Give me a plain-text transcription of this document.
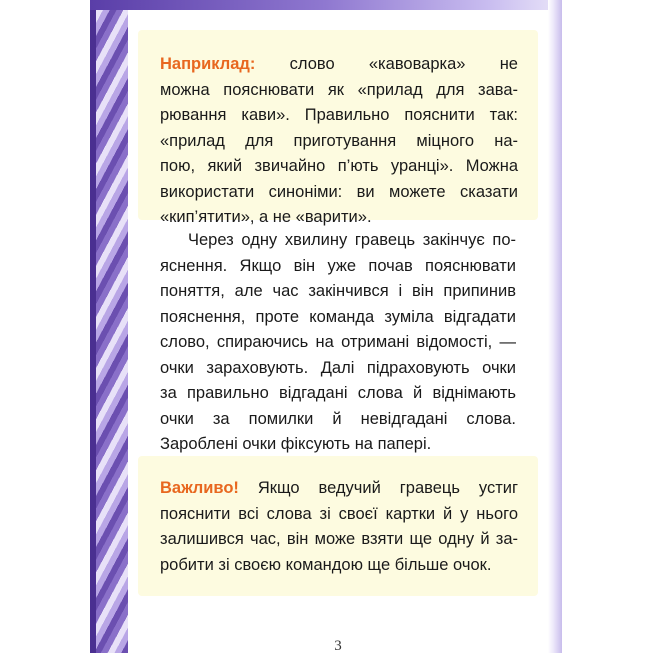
Наприклад: слово «кавоварка» не
можна пояснювати як «прилад для зава-
рювання кави». Правильно пояснити так:
«прилад для приготування міцного на-
пою, який звичайно п’ють уранці». Можна
використати синоніми: ви можете сказати
«кип’ятити», а не «варити».

Через одну хвилину гравець закінчує по-
яснення. Якщо він уже почав пояснювати
поняття, але час закінчився і він припинив
пояснення, проте команда зуміла відгадати
слово, спираючись на отримані відомості, —
очки зараховують. Далі підраховують очки
за правильно відгадані слова й віднімають
очки за помилки й невідгадані слова.
Зароблені очки фіксують на папері.

Важливо! Якщо ведучий гравець устиг
пояснити всі слова зі своєї картки й у нього
залишився час, він може взяти ще одну й за-
робити зі своєю командою ще більше очок.

3
